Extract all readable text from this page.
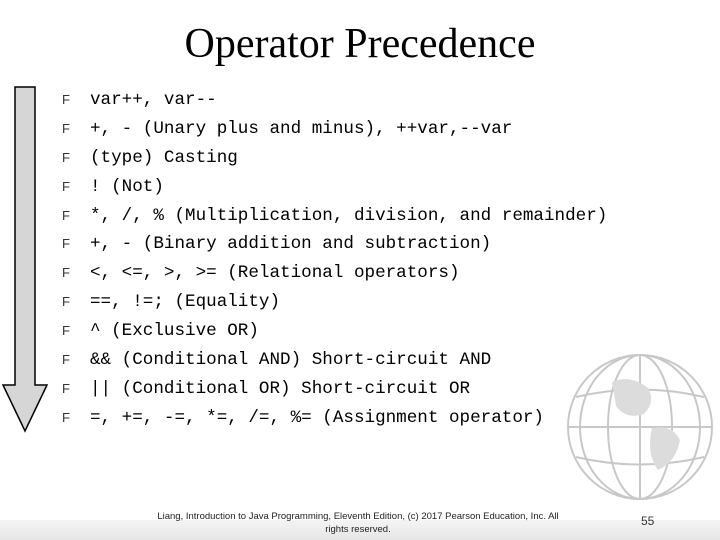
Operator Precedence
F	var++, var--
F	+, - (Unary plus and minus), ++var,--var
F	(type) Casting
F	! (Not)
F	*, /, % (Multiplication, division, and remainder)
F	+, - (Binary addition and subtraction)
F	<, <=, >, >= (Relational operators)
F	==, !=; (Equality)
F	^ (Exclusive OR)
F	&& (Conditional AND) Short-circuit AND
F	|| (Conditional OR) Short-circuit OR
F	=, +=, -=, *=, /=, %= (Assignment operator)
Liang, Introduction to Java Programming, Eleventh Edition, (c) 2017 Pearson Education, Inc. All
rights reserved.
55
